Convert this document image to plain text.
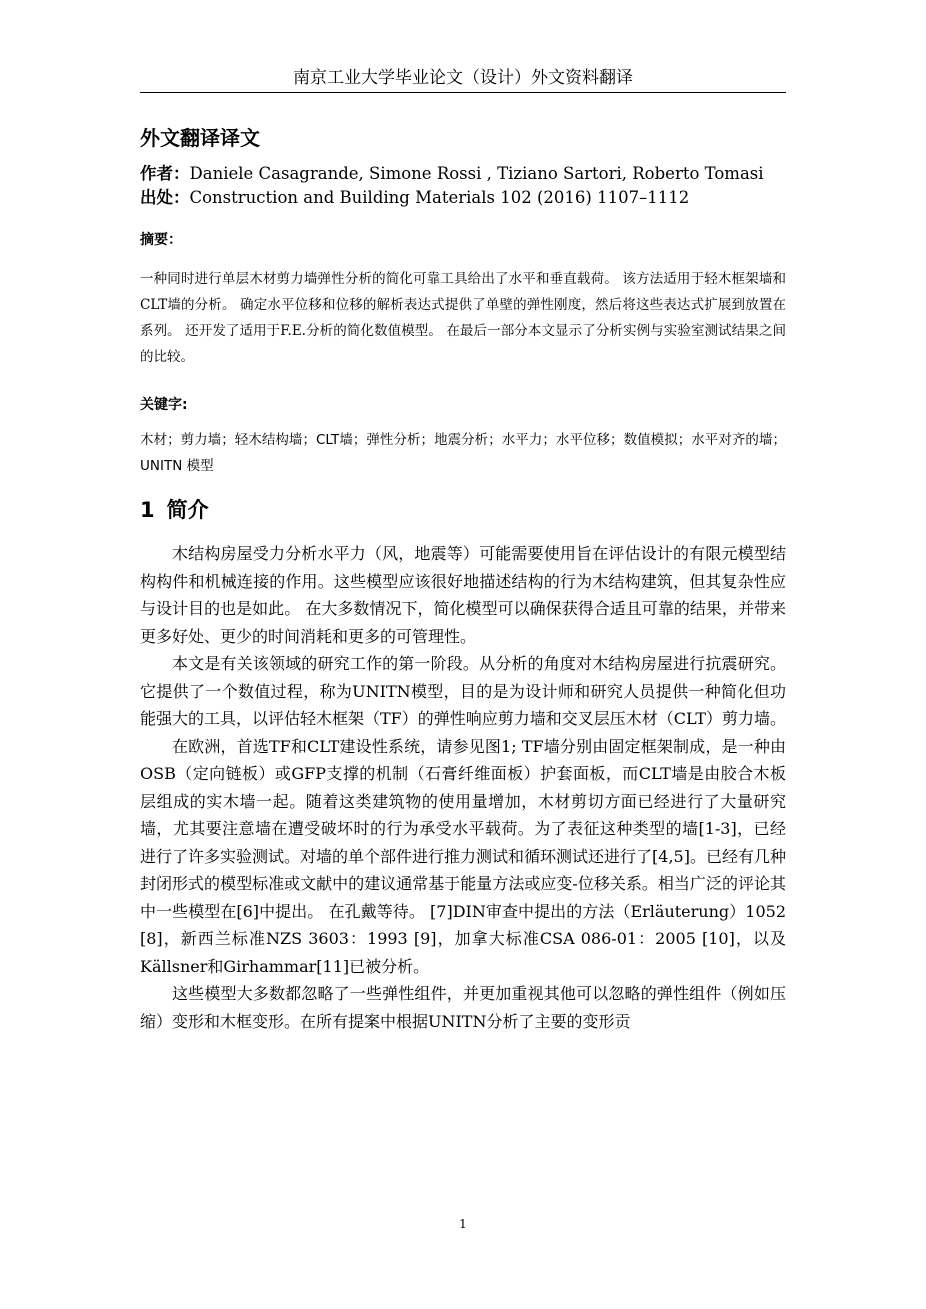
南京工业大学毕业论文（设计）外文资料翻译
外文翻译译文
作者：Daniele Casagrande, Simone Rossi , Tiziano Sartori, Roberto Tomasi
出处：Construction and Building Materials 102 (2016) 1107–1112
摘要：
一种同时进行单层木材剪力墙弹性分析的简化可靠工具给出了水平和垂直载荷。 该方法适用于轻木框架墙和CLT墙的分析。 确定水平位移和位移的解析表达式提供了单壁的弹性刚度，然后将这些表达式扩展到放置在系列。 还开发了适用于F.E.分析的简化数值模型。 在最后一部分本文显示了分析实例与实验室测试结果之间的比较。
关键字:
木材；剪力墙；轻木结构墙；CLT墙；弹性分析；地震分析；水平力；水平位移；数值模拟；水平对齐的墙；UNITN 模型
1 简介

木结构房屋受力分析水平力（风，地震等）可能需要使用旨在评估设计的有限元模型结构构件和机械连接的作用。这些模型应该很好地描述结构的行为木结构建筑，但其复杂性应与设计目的也是如此。 在大多数情况下，简化模型可以确保获得合适且可靠的结果，并带来更多好处、更少的时间消耗和更多的可管理性。

本文是有关该领域的研究工作的第一阶段。从分析的角度对木结构房屋进行抗震研究。它提供了一个数值过程，称为UNITN模型，目的是为设计师和研究人员提供一种简化但功能强大的工具，以评估轻木框架（TF）的弹性响应剪力墙和交叉层压木材（CLT）剪力墙。

在欧洲，首选TF和CLT建设性系统，请参见图1; TF墙分别由固定框架制成，是一种由OSB（定向链板）或GFP支撑的机制（石膏纤维面板）护套面板，而CLT墙是由胶合木板层组成的实木墙一起。随着这类建筑物的使用量增加，木材剪切方面已经进行了大量研究墙，尤其要注意墙在遭受破坏时的行为承受水平载荷。为了表征这种类型的墙[1-3]，已经进行了许多实验测试。对墙的单个部件进行推力测试和循环测试还进行了[4,5]。已经有几种封闭形式的模型标准或文献中的建议通常基于能量方法或应变-位移关系。相当广泛的评论其中一些模型在[6]中提出。 在孔戴等待。 [7]DIN审查中提出的方法（Erläuterung）1052 [8]，新西兰标准NZS 3603：1993 [9]，加拿大标准CSA 086-01：2005 [10]，以及Källsner和Girhammar[11]已被分析。

这些模型大多数都忽略了一些弹性组件，并更加重视其他可以忽略的弹性组件（例如压缩）变形和木框变形。在所有提案中根据UNITN分析了主要的变形贡

1
